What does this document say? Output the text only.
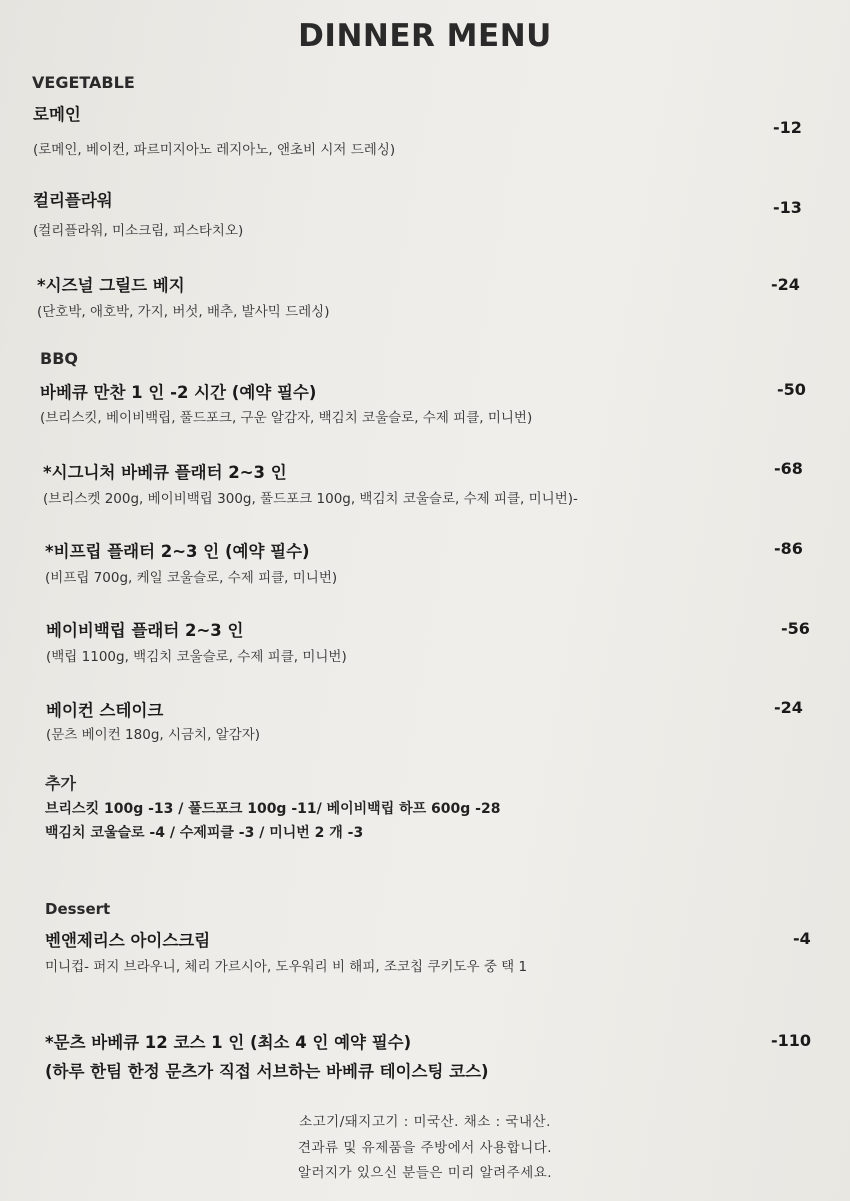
DINNER MENU
VEGETABLE
로메인
(로메인, 베이컨, 파르미지아노 레지아노, 앤초비 시저 드레싱)
-12
컬리플라워
(컬리플라워, 미소크림, 피스타치오)
-13
*시즈널 그릴드 베지
(단호박, 애호박, 가지, 버섯, 배추, 발사믹 드레싱)
-24
BBQ
바베큐 만찬 1 인 -2 시간 (예약 필수)
(브리스킷, 베이비백립, 풀드포크, 구운 알감자, 백김치 코울슬로, 수제 피클, 미니번)
-50
*시그니처 바베큐 플래터 2~3 인
(브리스켓 200g, 베이비백립 300g, 풀드포크 100g, 백김치 코울슬로, 수제 피클, 미니번)-
-68
*비프립 플래터 2~3 인 (예약 필수)
(비프립 700g, 케일 코울슬로, 수제 피클, 미니번)
-86
베이비백립 플래터 2~3 인
(백립 1100g, 백김치 코울슬로, 수제 피클, 미니번)
-56
베이컨 스테이크
(문츠 베이컨 180g, 시금치, 알감자)
-24
추가
브리스킷 100g -13 / 풀드포크 100g -11/ 베이비백립 하프 600g -28
백김치 코울슬로 -4 / 수제피클 -3 / 미니번 2 개 -3
Dessert
벤앤제리스 아이스크림
미니컵- 퍼지 브라우니, 체리 가르시아, 도우워리 비 해피, 조코칩 쿠키도우 중 택 1
-4
*문츠 바베큐 12 코스 1 인 (최소 4 인 예약 필수)
(하루 한팀 한정 문츠가 직접 서브하는 바베큐 테이스팅 코스)
-110
소고기/돼지고기 : 미국산. 채소 : 국내산.
견과류 및 유제품을 주방에서 사용합니다.
알러지가 있으신 분들은 미리 알려주세요.
